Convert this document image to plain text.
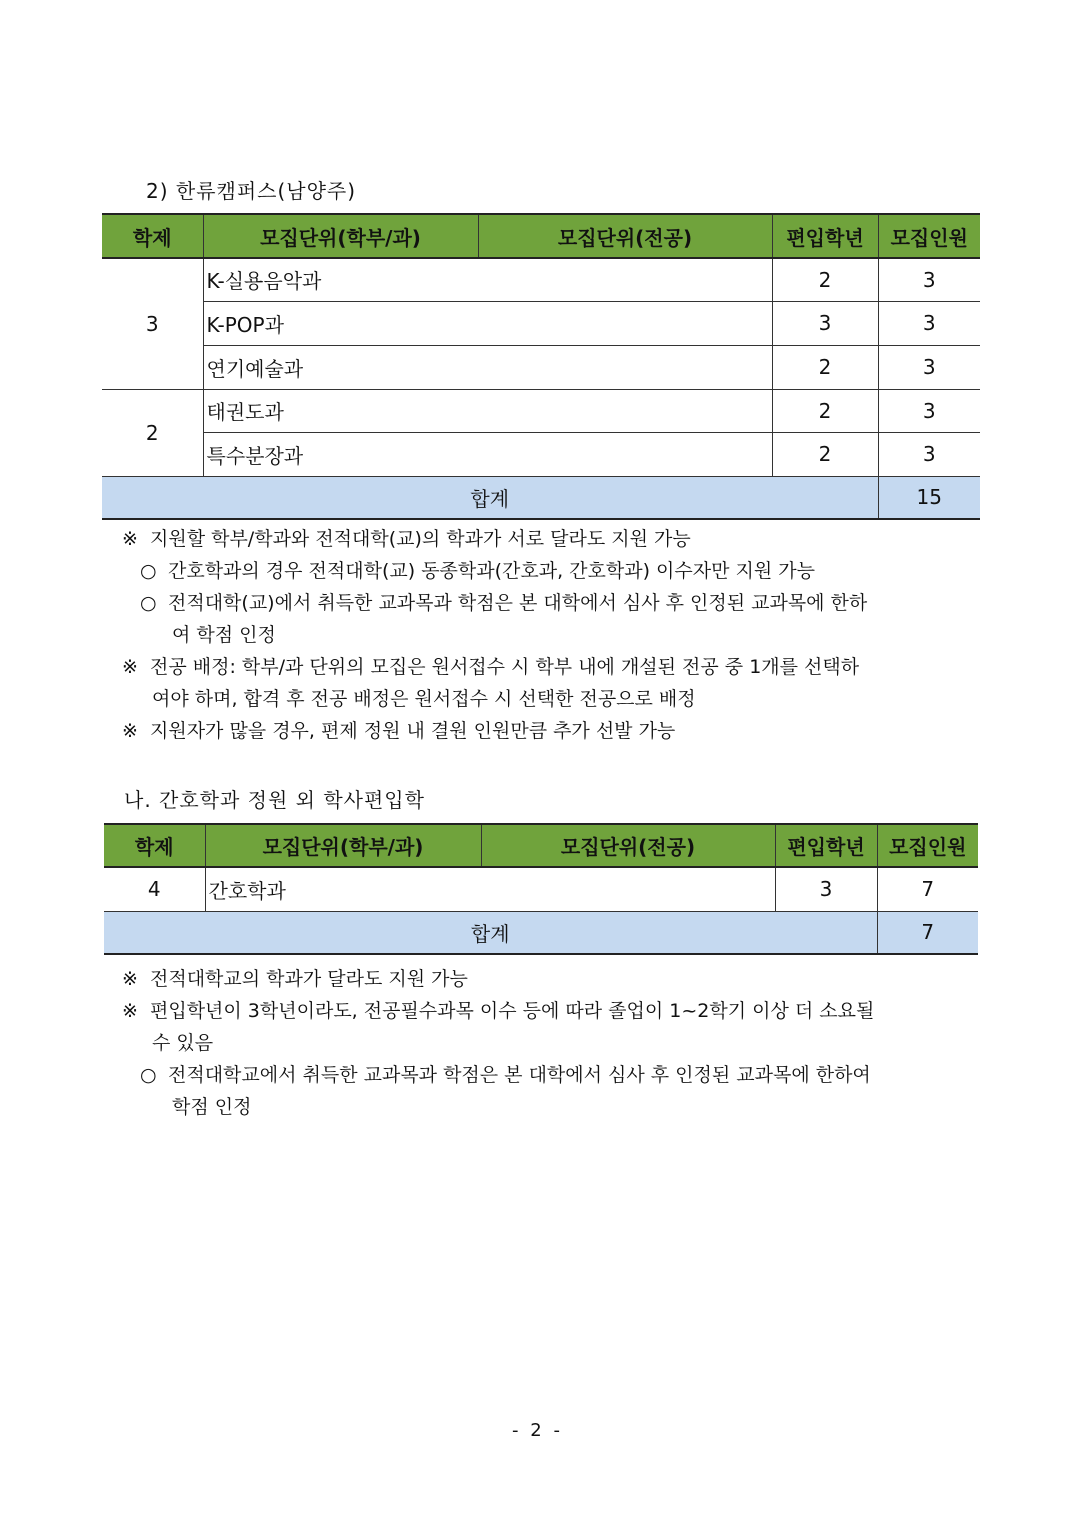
2) 한류캠퍼스(남양주)
학제	모집단위(학부/과)	모집단위(전공)	편입학년	모집인원
3	K-실용음악과		2	3
	K-POP과		3	3
	연기예술과		2	3
2	태권도과		2	3
	특수분장과		2	3
합계				15
※ 지원할 학부/학과와 전적대학(교)의 학과가 서로 달라도 지원 가능
○ 간호학과의 경우 전적대학(교) 동종학과(간호과, 간호학과) 이수자만 지원 가능
○ 전적대학(교)에서 취득한 교과목과 학점은 본 대학에서 심사 후 인정된 교과목에 한하
여 학점 인정
※ 전공 배정: 학부/과 단위의 모집은 원서접수 시 학부 내에 개설된 전공 중 1개를 선택하
여야 하며, 합격 후 전공 배정은 원서접수 시 선택한 전공으로 배정
※ 지원자가 많을 경우, 편제 정원 내 결원 인원만큼 추가 선발 가능
나. 간호학과 정원 외 학사편입학
학제	모집단위(학부/과)	모집단위(전공)	편입학년	모집인원
4	간호학과		3	7
합계				7
※ 전적대학교의 학과가 달라도 지원 가능
※ 편입학년이 3학년이라도, 전공필수과목 이수 등에 따라 졸업이 1~2학기 이상 더 소요될
수 있음
○ 전적대학교에서 취득한 교과목과 학점은 본 대학에서 심사 후 인정된 교과목에 한하여
학점 인정
- 2 -
